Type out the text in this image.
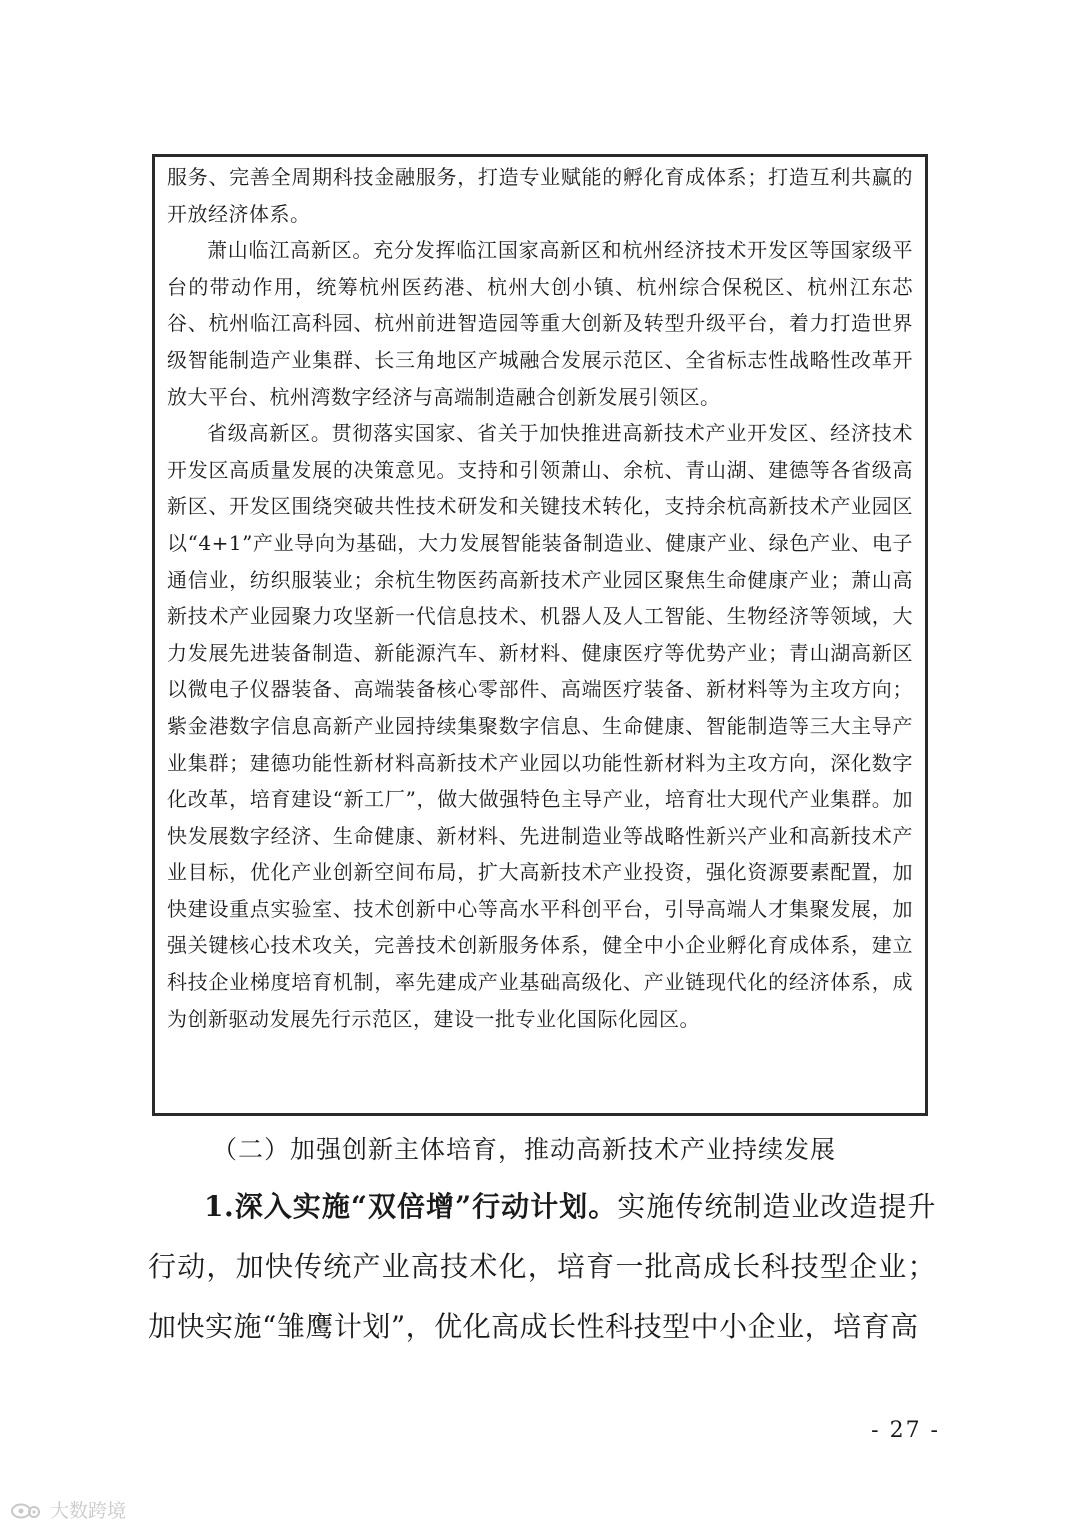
服务、完善全周期科技金融服务，打造专业赋能的孵化育成体系；打造互利共赢的开放经济体系。

萧山临江高新区。充分发挥临江国家高新区和杭州经济技术开发区等国家级平台的带动作用，统筹杭州医药港、杭州大创小镇、杭州综合保税区、杭州江东芯谷、杭州临江高科园、杭州前进智造园等重大创新及转型升级平台，着力打造世界级智能制造产业集群、长三角地区产城融合发展示范区、全省标志性战略性改革开放大平台、杭州湾数字经济与高端制造融合创新发展引领区。

省级高新区。贯彻落实国家、省关于加快推进高新技术产业开发区、经济技术开发区高质量发展的决策意见。支持和引领萧山、余杭、青山湖、建德等各省级高新区、开发区围绕突破共性技术研发和关键技术转化，支持余杭高新技术产业园区以“4+1”产业导向为基础，大力发展智能装备制造业、健康产业、绿色产业、电子通信业，纺织服装业；余杭生物医药高新技术产业园区聚焦生命健康产业；萧山高新技术产业园聚力攻坚新一代信息技术、机器人及人工智能、生物经济等领域，大力发展先进装备制造、新能源汽车、新材料、健康医疗等优势产业；青山湖高新区以微电子仪器装备、高端装备核心零部件、高端医疗装备、新材料等为主攻方向；紫金港数字信息高新产业园持续集聚数字信息、生命健康、智能制造等三大主导产业集群；建德功能性新材料高新技术产业园以功能性新材料为主攻方向，深化数字化改革，培育建设“新工厂”，做大做强特色主导产业，培育壮大现代产业集群。加快发展数字经济、生命健康、新材料、先进制造业等战略性新兴产业和高新技术产业目标，优化产业创新空间布局，扩大高新技术产业投资，强化资源要素配置，加快建设重点实验室、技术创新中心等高水平科创平台，引导高端人才集聚发展，加强关键核心技术攻关，完善技术创新服务体系，健全中小企业孵化育成体系，建立科技企业梯度培育机制，率先建成产业基础高级化、产业链现代化的经济体系，成为创新驱动发展先行示范区，建设一批专业化国际化园区。

（二）加强创新主体培育，推动高新技术产业持续发展

1.深入实施“双倍增”行动计划。实施传统制造业改造提升行动，加快传统产业高技术化，培育一批高成长科技型企业；加快实施“雏鹰计划”，优化高成长性科技型中小企业，培育高

- 27 -
大数跨境
